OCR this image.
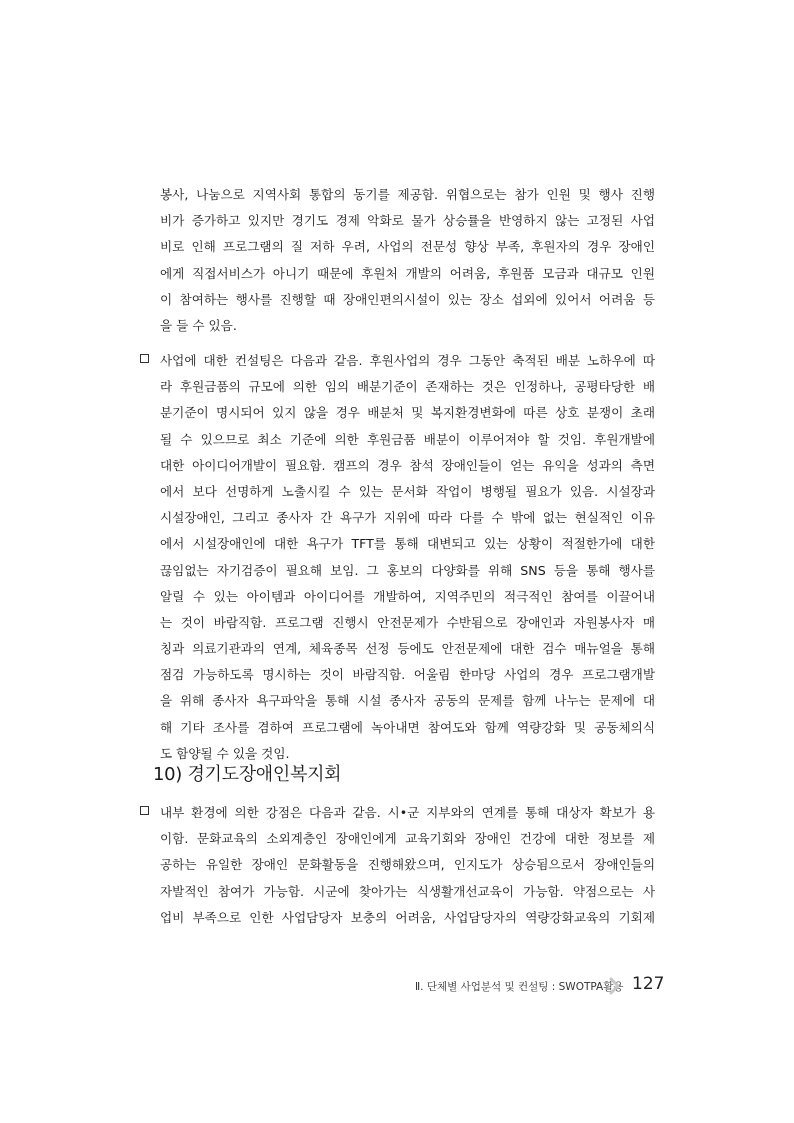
봉사, 나눔으로 지역사회 통합의 동기를 제공함. 위협으로는 참가 인원 및 행사 진행
비가 증가하고 있지만 경기도 경제 악화로 물가 상승률을 반영하지 않는 고정된 사업
비로 인해 프로그램의 질 저하 우려, 사업의 전문성 향상 부족, 후원자의 경우 장애인
에게 직접서비스가 아니기 때문에 후원처 개발의 어려움, 후원품 모금과 대규모 인원
이 참여하는 행사를 진행할 때 장애인편의시설이 있는 장소 섭외에 있어서 어려움 등
을 들 수 있음.
사업에 대한 컨설팅은 다음과 같음. 후원사업의 경우 그동안 축적된 배분 노하우에 따
라 후원금품의 규모에 의한 임의 배분기준이 존재하는 것은 인정하나, 공평타당한 배
분기준이 명시되어 있지 않을 경우 배분처 및 복지환경변화에 따른 상호 분쟁이 초래
될 수 있으므로 최소 기준에 의한 후원금품 배분이 이루어져야 할 것임. 후원개발에
대한 아이디어개발이 필요함. 캠프의 경우 참석 장애인들이 얻는 유익을 성과의 측면
에서 보다 선명하게 노출시킬 수 있는 문서화 작업이 병행될 필요가 있음. 시설장과
시설장애인, 그리고 종사자 간 욕구가 지위에 따라 다를 수 밖에 없는 현실적인 이유
에서 시설장애인에 대한 욕구가 TFT를 통해 대변되고 있는 상황이 적절한가에 대한
끊임없는 자기검증이 필요해 보임. 그 홍보의 다양화를 위해 SNS 등을 통해 행사를
알릴 수 있는 아이템과 아이디어를 개발하여, 지역주민의 적극적인 참여를 이끌어내
는 것이 바람직함. 프로그램 진행시 안전문제가 수반됨으로 장애인과 자원봉사자 매
칭과 의료기관과의 연계, 체육종목 선정 등에도 안전문제에 대한 검수 매뉴얼을 통해
점검 가능하도록 명시하는 것이 바람직함. 어울림 한마당 사업의 경우 프로그램개발
을 위해 종사자 욕구파악을 통해 시설 종사자 공동의 문제를 함께 나누는 문제에 대
해 기타 조사를 겸하여 프로그램에 녹아내면 참여도와 함께 역량강화 및 공동체의식
도 함양될 수 있을 것임.
10) 경기도장애인복지회
내부 환경에 의한 강점은 다음과 같음. 시•군 지부와의 연계를 통해 대상자 확보가 용
이함. 문화교육의 소외계층인 장애인에게 교육기회와 장애인 건강에 대한 정보를 제
공하는 유일한 장애인 문화활동을 진행해왔으며, 인지도가 상승됨으로서 장애인들의
자발적인 참여가 가능함. 시군에 찾아가는 식생활개선교육이 가능함. 약점으로는 사
업비 부족으로 인한 사업담당자 보충의 어려움, 사업담당자의 역량강화교육의 기회제
Ⅱ. 단체별 사업분석 및 컨설팅 : SWOTPA활용 127
